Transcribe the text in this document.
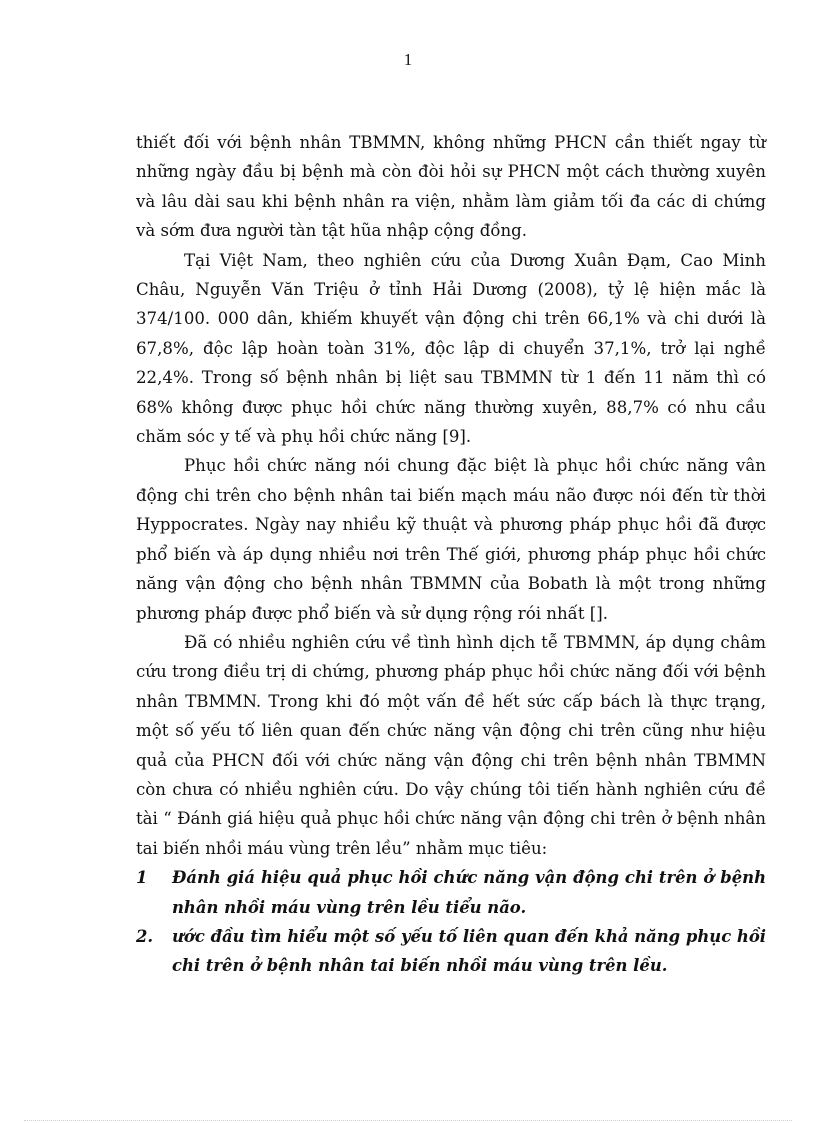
1

thiết đối với bệnh nhân TBMMN, không những PHCN cần thiết ngay từ những ngày đầu bị bệnh mà còn đòi hỏi sự PHCN một cách thường xuyên và lâu dài sau khi bệnh nhân ra viện, nhằm làm giảm tối đa các di chứng và sớm đưa người tàn tật hũa nhập cộng đồng.

Tại Việt Nam, theo nghiên cứu của Dương Xuân Đạm, Cao Minh Châu, Nguyễn Văn Triệu ở tỉnh Hải Dương (2008), tỷ lệ hiện mắc là 374/100. 000 dân, khiếm khuyết vận động chi trên 66,1% và chi dưới là 67,8%, độc lập hoàn toàn 31%, độc lập di chuyển 37,1%, trở lại nghề 22,4%. Trong số bệnh nhân bị liệt sau TBMMN từ 1 đến 11 năm thì có 68% không được phục hồi chức năng thường xuyên, 88,7% có nhu cầu chăm sóc y tế và phụ hồi chức năng [9].

Phục hồi chức năng nói chung đặc biệt là phục hồi chức năng vân động chi trên cho bệnh nhân tai biến mạch máu não được nói đến từ thời Hyppocrates. Ngày nay nhiều kỹ thuật và phương pháp phục hồi đã được phổ biến và áp dụng nhiều nơi trên Thế giới, phương pháp phục hồi chức năng vận động cho bệnh nhân TBMMN của Bobath là một trong những phương pháp được phổ biến và sử dụng rộng rói nhất [].

Đã có nhiều nghiên cứu về tình hình dịch tễ TBMMN, áp dụng châm cứu trong điều trị di chứng, phương pháp phục hồi chức năng đối với bệnh nhân TBMMN. Trong khi đó một vấn đề hết sức cấp bách là thực trạng, một số yếu tố liên quan đến chức năng vận động chi trên cũng như hiệu quả của PHCN đối với chức năng vận động chi trên bệnh nhân TBMMN còn chưa có nhiều nghiên cứu. Do vậy chúng tôi tiến hành nghiên cứu đề tài “ Đánh giá hiệu quả phục hồi chức năng vận động chi trên ở bệnh nhân tai biến nhồi máu vùng trên lều” nhằm mục tiêu:

1	Đánh giá hiệu quả phục hồi chức năng vận động chi trên ở bệnh nhân nhồi máu vùng trên lều tiểu não.
2.	ước đầu tìm hiểu một số yếu tố liên quan đến khả năng phục hồi chi trên ở bệnh nhân tai biến nhồi máu vùng trên lều.
